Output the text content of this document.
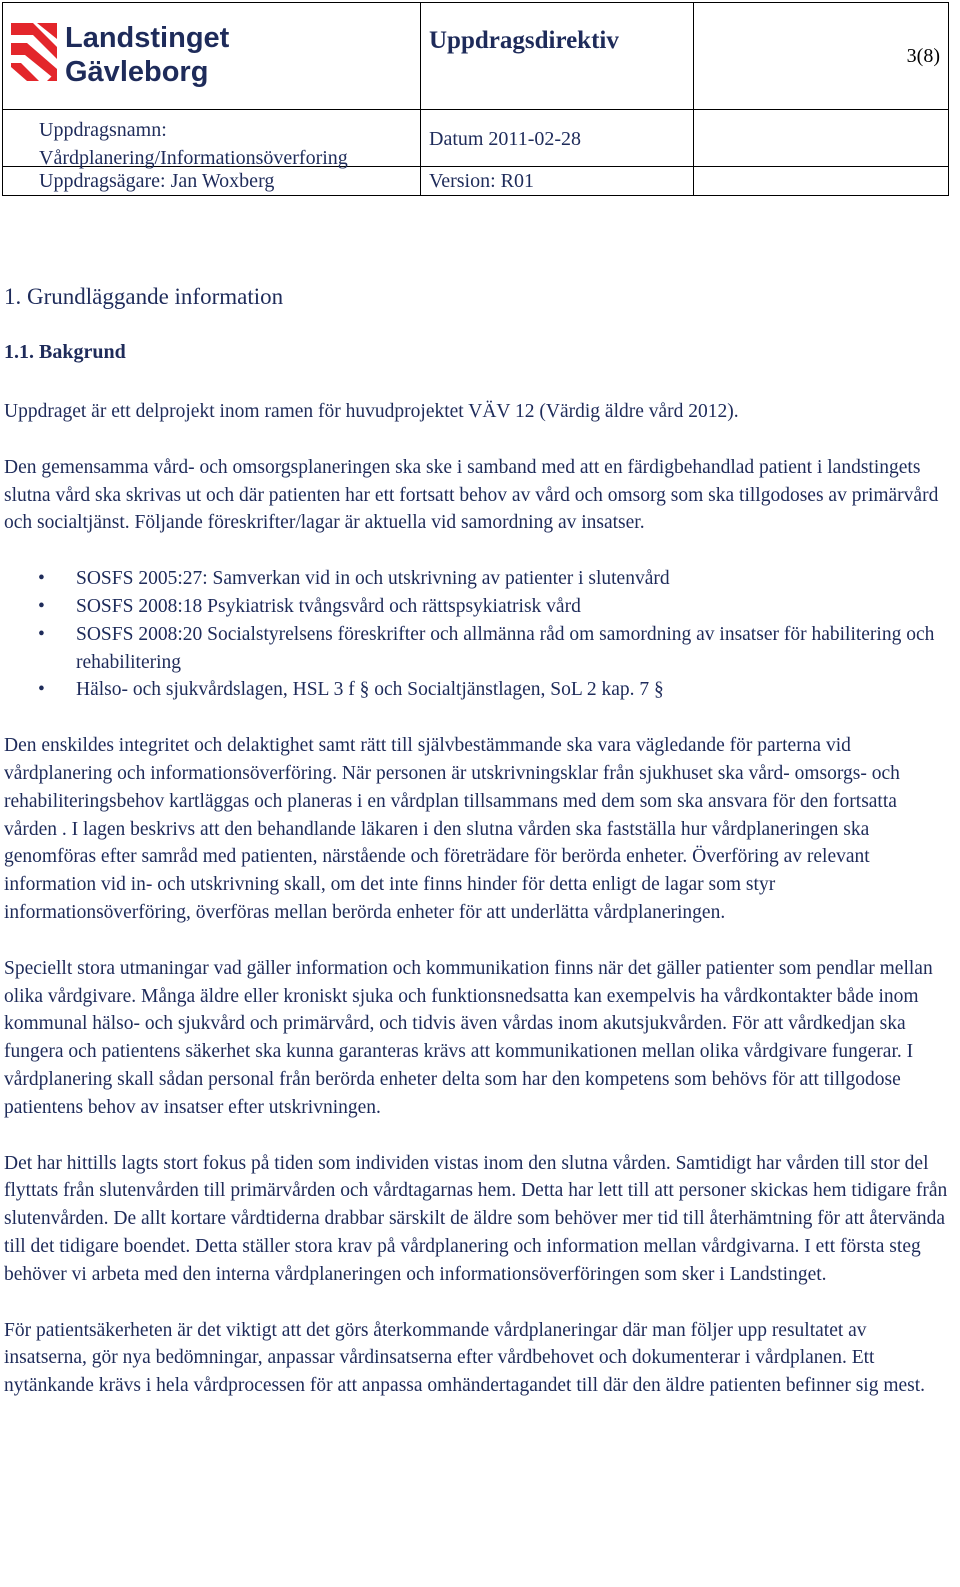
Landstinget
Gävleborg	Uppdragsdirektiv	3(8)

Uppdragsnamn:
Vårdplanering/Informationsöverforing	Datum 2011-02-28	

Uppdragsägare: Jan Woxberg	Version: R01	

1. Grundläggande information
1.1. Bakgrund

Uppdraget är ett delprojekt inom ramen för huvudprojektet VÄV 12 (Värdig äldre vård 2012).

Den gemensamma vård- och omsorgsplaneringen ska ske i samband med att en färdigbehandlad patient i landstingets slutna vård ska skrivas ut och där patienten har ett fortsatt behov av vård och omsorg som ska tillgodoses av primärvård och socialtjänst. Följande föreskrifter/lagar är aktuella vid samordning av insatser.

• SOSFS 2005:27: Samverkan vid in och utskrivning av patienter i slutenvård
• SOSFS 2008:18 Psykiatrisk tvångsvård och rättspsykiatrisk vård
• SOSFS 2008:20 Socialstyrelsens föreskrifter och allmänna råd om samordning av insatser för habilitering och rehabilitering
• Hälso- och sjukvårdslagen, HSL 3 f § och Socialtjänstlagen, SoL 2 kap. 7 §

Den enskildes integritet och delaktighet samt rätt till självbestämmande ska vara vägledande för parterna vid vårdplanering och informationsöverföring. När personen är utskrivningsklar från sjukhuset ska vård- omsorgs- och rehabiliteringsbehov kartläggas och planeras i en vårdplan tillsammans med dem som ska ansvara för den fortsatta vården . I lagen beskrivs att den behandlande läkaren i den slutna vården ska fastställa hur vårdplaneringen ska genomföras efter samråd med patienten, närstående och företrädare för berörda enheter. Överföring av relevant information vid in- och utskrivning skall, om det inte finns hinder för detta enligt de lagar som styr informationsöverföring, överföras mellan berörda enheter för att underlätta vårdplaneringen.

Speciellt stora utmaningar vad gäller information och kommunikation finns när det gäller patienter som pendlar mellan olika vårdgivare. Många äldre eller kroniskt sjuka och funktionsnedsatta kan exempelvis ha vårdkontakter både inom kommunal hälso- och sjukvård och primärvård, och tidvis även vårdas inom akutsjukvården. För att vårdkedjan ska fungera och patientens säkerhet ska kunna garanteras krävs att kommunikationen mellan olika vårdgivare fungerar. I vårdplanering skall sådan personal från berörda enheter delta som har den kompetens som behövs för att tillgodose patientens behov av insatser efter utskrivningen.

Det har hittills lagts stort fokus på tiden som individen vistas inom den slutna vården. Samtidigt har vården till stor del flyttats från slutenvården till primärvården och vårdtagarnas hem. Detta har lett till att personer skickas hem tidigare från slutenvården. De allt kortare vårdtiderna drabbar särskilt de äldre som behöver mer tid till återhämtning för att återvända till det tidigare boendet. Detta ställer stora krav på vårdplanering och information mellan vårdgivarna. I ett första steg behöver vi arbeta med den interna vårdplaneringen och informationsöverföringen som sker i Landstinget.

För patientsäkerheten är det viktigt att det görs återkommande vårdplaneringar där man följer upp resultatet av insatserna, gör nya bedömningar, anpassar vårdinsatserna efter vårdbehovet och dokumenterar i vårdplanen. Ett nytänkande krävs i hela vårdprocessen för att anpassa omhändertagandet till där den äldre patienten befinner sig mest.
